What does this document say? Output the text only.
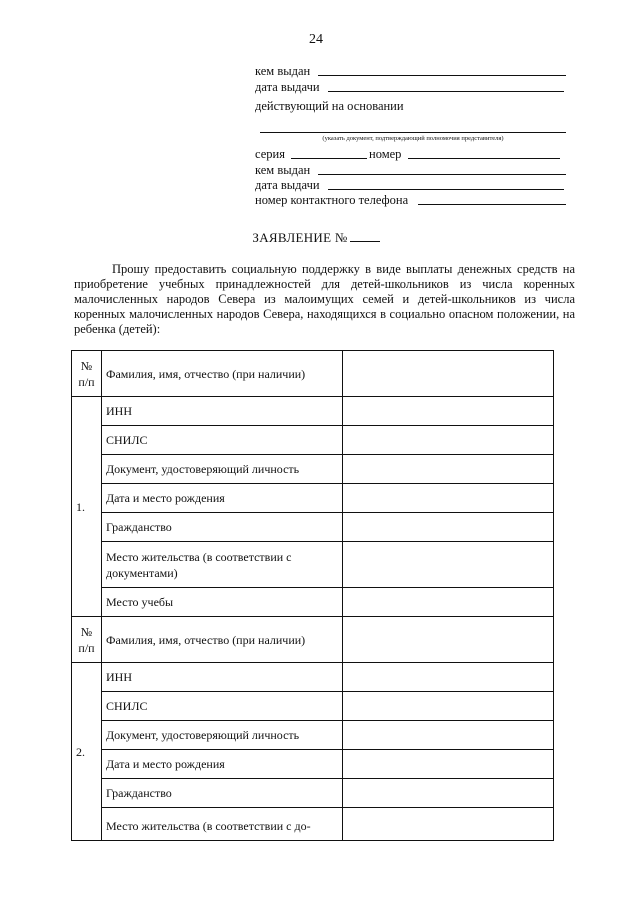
24
кем выдан
дата выдачи
действующий на основании
(указать документ, подтверждающий полномочия представителя)
серия	номер
кем выдан
дата выдачи
номер контактного телефона
ЗАЯВЛЕНИЕ №

Прошу предоставить социальную поддержку в виде выплаты денежных средств на приобретение учебных принадлежностей для детей-школьников из числа коренных малочисленных народов Севера из малоимущих семей и детей-школьников из числа коренных малочисленных народов Севера, находящихся в социально опасном положении, на ребенка (детей):

№ п/п	Фамилия, имя, отчество (при наличии)	
1.	ИНН	
	СНИЛС	
	Документ, удостоверяющий личность	
	Дата и место рождения	
	Гражданство	
	Место жительства (в соответствии с документами)	
	Место учебы	
№ п/п	Фамилия, имя, отчество (при наличии)	
2.	ИНН	
	СНИЛС	
	Документ, удостоверяющий личность	
	Дата и место рождения	
	Гражданство	
	Место жительства (в соответствии с до-	
